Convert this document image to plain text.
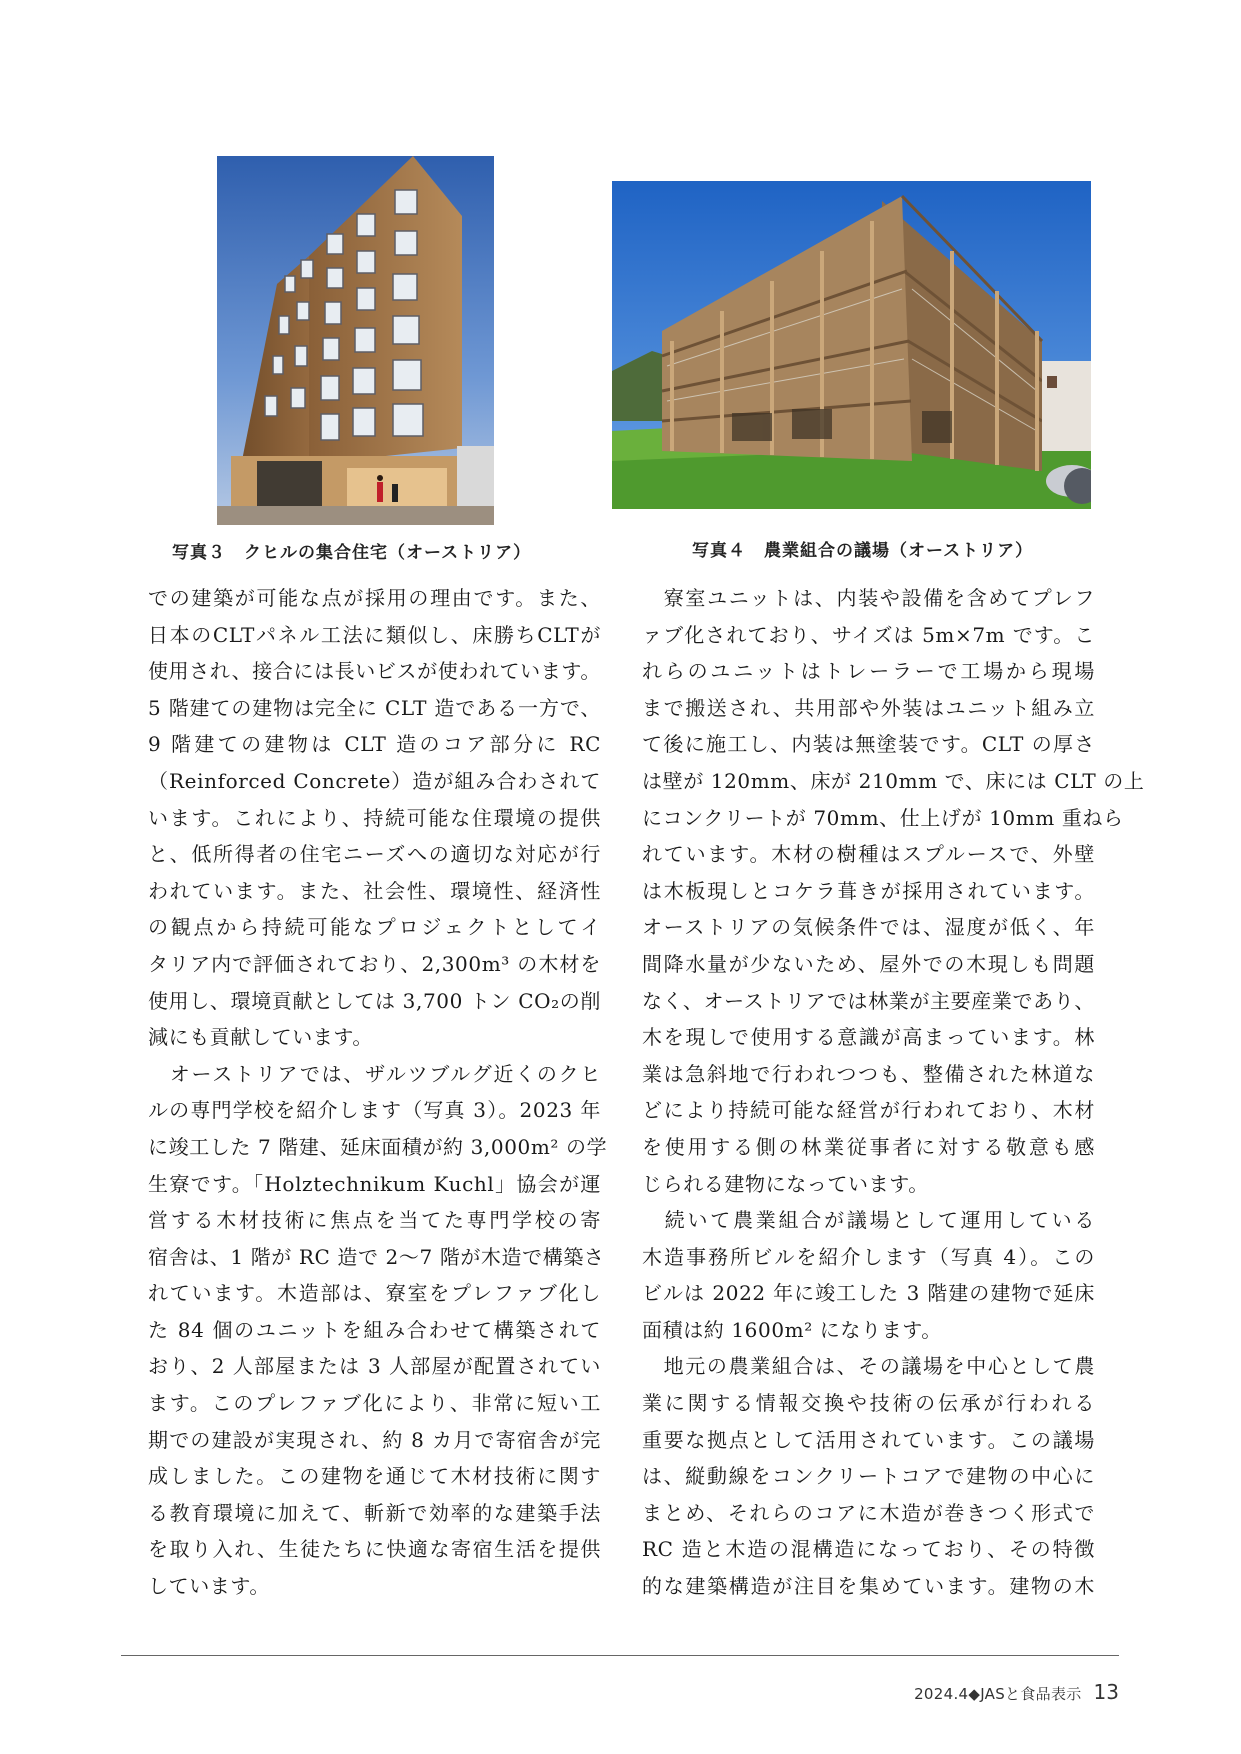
写真３　クヒルの集合住宅（オーストリア）	写真４　農業組合の議場（オーストリア）
での建築が可能な点が採用の理由です。また、
日本のCLTパネル工法に類似し、床勝ちCLTが
使用され、接合には長いビスが使われています。
5 階建ての建物は完全に CLT 造である一方で、
9 階建ての建物は CLT 造のコア部分に RC
（Reinforced Concrete）造が組み合わされて
います。これにより、持続可能な住環境の提供
と、低所得者の住宅ニーズへの適切な対応が行
われています。また、社会性、環境性、経済性
の観点から持続可能なプロジェクトとしてイ
タリア内で評価されており、2,300m³ の木材を
使用し、環境貢献としては 3,700 トン CO₂の削
減にも貢献しています。
　オーストリアでは、ザルツブルグ近くのクヒ
ルの専門学校を紹介します（写真 3）。2023 年
に竣工した 7 階建、延床面積が約 3,000m² の学
生寮です。「Holztechnikum Kuchl」協会が運
営する木材技術に焦点を当てた専門学校の寄
宿舎は、1 階が RC 造で 2〜7 階が木造で構築さ
れています。木造部は、寮室をプレファブ化し
た 84 個のユニットを組み合わせて構築されて
おり、2 人部屋または 3 人部屋が配置されてい
ます。このプレファブ化により、非常に短い工
期での建設が実現され、約 8 カ月で寄宿舎が完
成しました。この建物を通じて木材技術に関す
る教育環境に加えて、斬新で効率的な建築手法
を取り入れ、生徒たちに快適な寄宿生活を提供
しています。
　寮室ユニットは、内装や設備を含めてプレフ
ァブ化されており、サイズは 5m×7m です。こ
れらのユニットはトレーラーで工場から現場
まで搬送され、共用部や外装はユニット組み立
て後に施工し、内装は無塗装です。CLT の厚さ
は壁が 120mm、床が 210mm で、床には CLT の上
にコンクリートが 70mm、仕上げが 10mm 重ねら
れています。木材の樹種はスプルースで、外壁
は木板現しとコケラ葺きが採用されています。
オーストリアの気候条件では、湿度が低く、年
間降水量が少ないため、屋外での木現しも問題
なく、オーストリアでは林業が主要産業であり、
木を現しで使用する意識が高まっています。林
業は急斜地で行われつつも、整備された林道な
どにより持続可能な経営が行われており、木材
を使用する側の林業従事者に対する敬意も感
じられる建物になっています。
　続いて農業組合が議場として運用している
木造事務所ビルを紹介します（写真 4）。この
ビルは 2022 年に竣工した 3 階建の建物で延床
面積は約 1600m² になります。
　地元の農業組合は、その議場を中心として農
業に関する情報交換や技術の伝承が行われる
重要な拠点として活用されています。この議場
は、縦動線をコンクリートコアで建物の中心に
まとめ、それらのコアに木造が巻きつく形式で
RC 造と木造の混構造になっており、その特徴
的な建築構造が注目を集めています。建物の木
2024.4◆JASと食品表示 13
